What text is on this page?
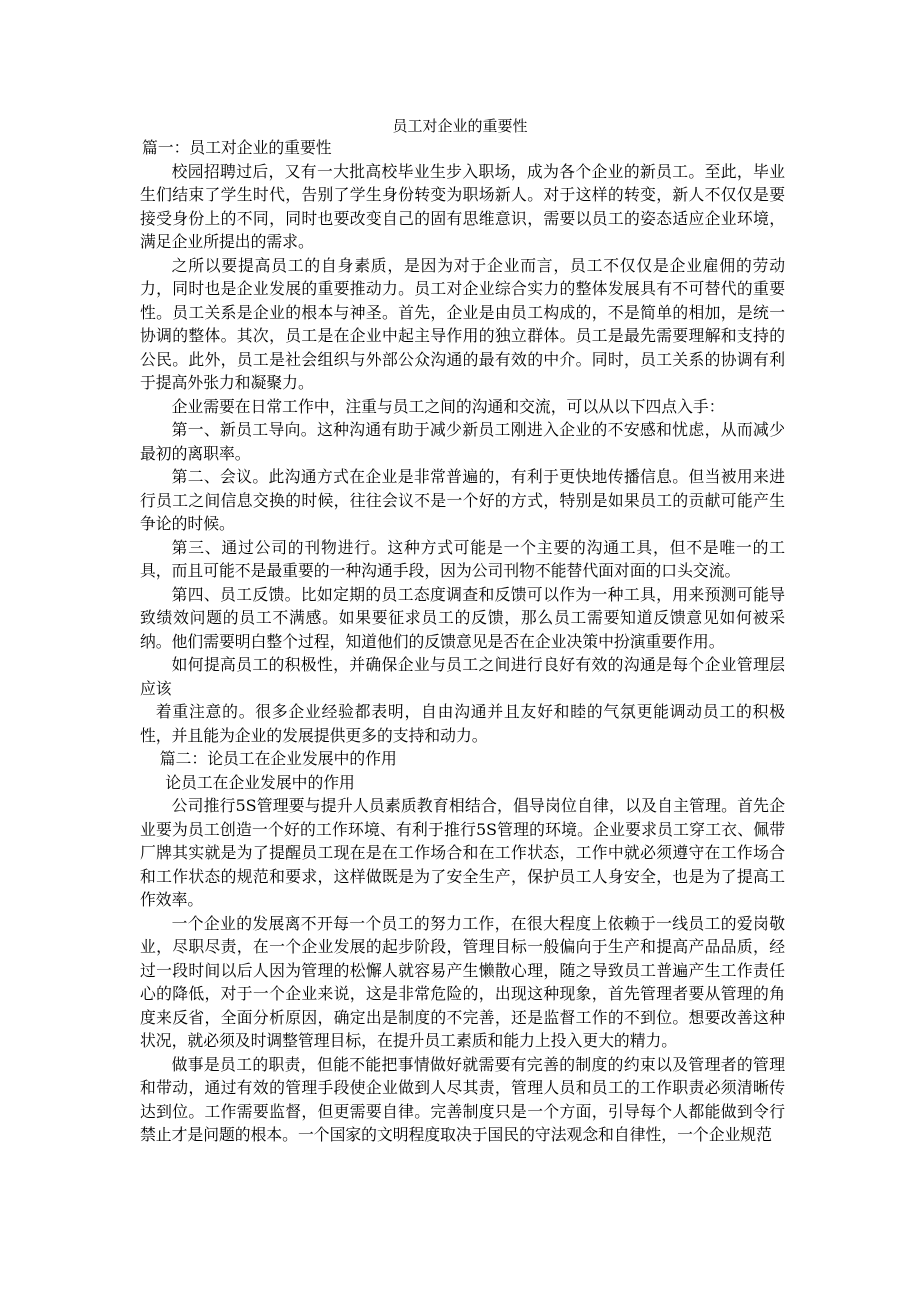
员工对企业的重要性

篇一：员工对企业的重要性

校园招聘过后，又有一大批高校毕业生步入职场，成为各个企业的新员工。至此，毕业生们结束了学生时代，告别了学生身份转变为职场新人。对于这样的转变，新人不仅仅是要接受身份上的不同，同时也要改变自己的固有思维意识，需要以员工的姿态适应企业环境，满足企业所提出的需求。

之所以要提高员工的自身素质，是因为对于企业而言，员工不仅仅是企业雇佣的劳动力，同时也是企业发展的重要推动力。员工对企业综合实力的整体发展具有不可替代的重要性。员工关系是企业的根本与神圣。首先，企业是由员工构成的，不是简单的相加，是统一协调的整体。其次，员工是在企业中起主导作用的独立群体。员工是最先需要理解和支持的公民。此外，员工是社会组织与外部公众沟通的最有效的中介。同时，员工关系的协调有利于提高外张力和凝聚力。

企业需要在日常工作中，注重与员工之间的沟通和交流，可以从以下四点入手：

第一、新员工导向。这种沟通有助于减少新员工刚进入企业的不安感和忧虑，从而减少最初的离职率。

第二、会议。此沟通方式在企业是非常普遍的，有利于更快地传播信息。但当被用来进行员工之间信息交换的时候，往往会议不是一个好的方式，特别是如果员工的贡献可能产生争论的时候。

第三、通过公司的刊物进行。这种方式可能是一个主要的沟通工具，但不是唯一的工具，而且可能不是最重要的一种沟通手段，因为公司刊物不能替代面对面的口头交流。

第四、员工反馈。比如定期的员工态度调查和反馈可以作为一种工具，用来预测可能导致绩效问题的员工不满感。如果要征求员工的反馈，那么员工需要知道反馈意见如何被采纳。他们需要明白整个过程，知道他们的反馈意见是否在企业决策中扮演重要作用。

如何提高员工的积极性，并确保企业与员工之间进行良好有效的沟通是每个企业管理层应该

着重注意的。很多企业经验都表明，自由沟通并且友好和睦的气氛更能调动员工的积极性，并且能为企业的发展提供更多的支持和动力。

　篇二：论员工在企业发展中的作用

论员工在企业发展中的作用

公司推行5S管理要与提升人员素质教育相结合，倡导岗位自律，以及自主管理。首先企业要为员工创造一个好的工作环境、有利于推行5S管理的环境。企业要求员工穿工衣、佩带厂牌其实就是为了提醒员工现在是在工作场合和在工作状态，工作中就必须遵守在工作场合和工作状态的规范和要求，这样做既是为了安全生产，保护员工人身安全，也是为了提高工作效率。

一个企业的发展离不开每一个员工的努力工作，在很大程度上依赖于一线员工的爱岗敬业，尽职尽责，在一个企业发展的起步阶段，管理目标一般偏向于生产和提高产品品质，经过一段时间以后人因为管理的松懈人就容易产生懒散心理，随之导致员工普遍产生工作责任心的降低，对于一个企业来说，这是非常危险的，出现这种现象，首先管理者要从管理的角度来反省，全面分析原因，确定出是制度的不完善，还是监督工作的不到位。想要改善这种状况，就必须及时调整管理目标，在提升员工素质和能力上投入更大的精力。

做事是员工的职责，但能不能把事情做好就需要有完善的制度的约束以及管理者的管理和带动，通过有效的管理手段使企业做到人尽其责，管理人员和员工的工作职责必须清晰传达到位。工作需要监督，但更需要自律。完善制度只是一个方面，引导每个人都能做到令行禁止才是问题的根本。一个国家的文明程度取决于国民的守法观念和自律性，一个企业规范
